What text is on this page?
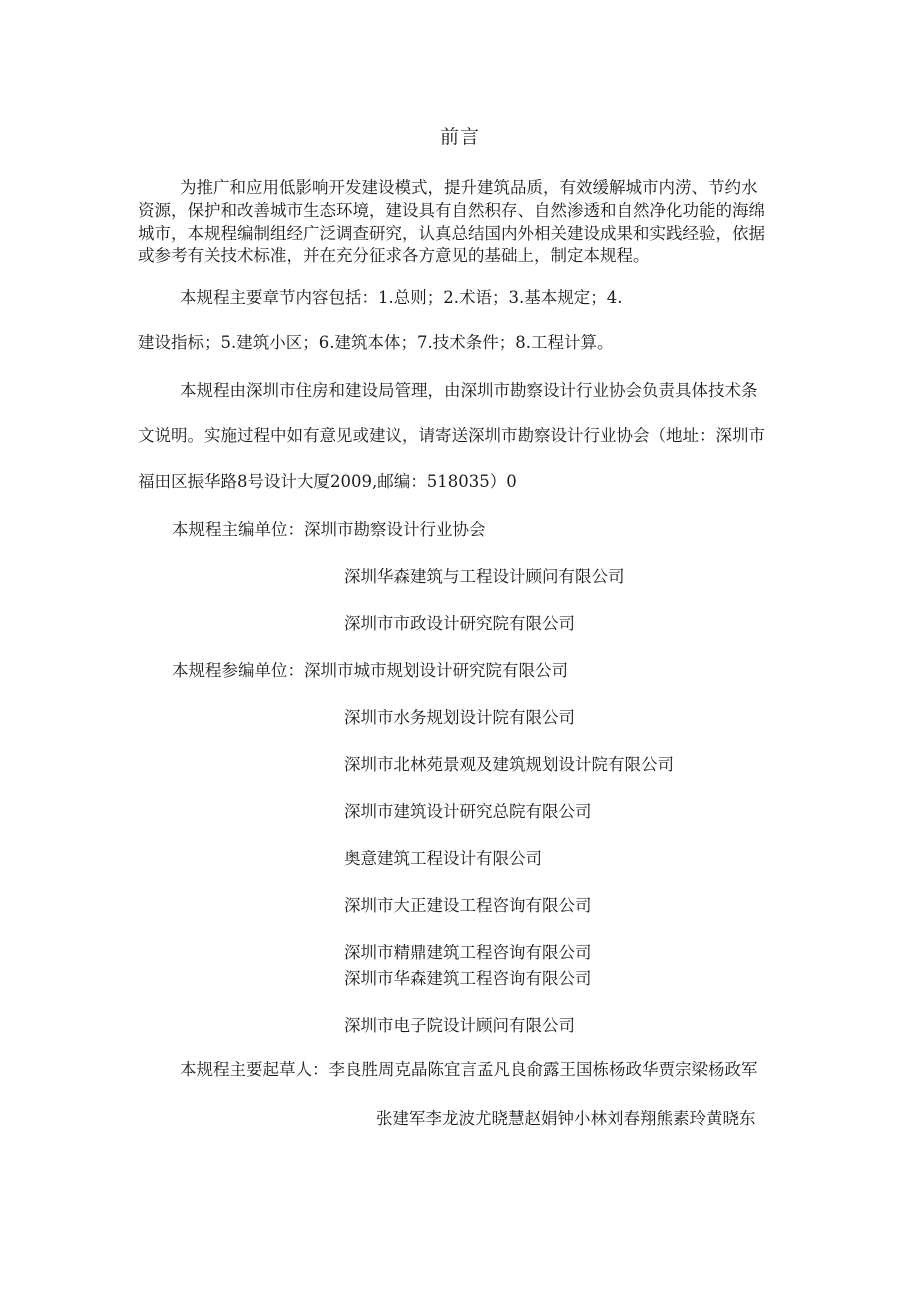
前言
为推广和应用低影响开发建设模式，提升建筑品质，有效缓解城市内涝、节约水
资源，保护和改善城市生态环境，建设具有自然积存、自然渗透和自然净化功能的海绵
城市，本规程编制组经广泛调查研究，认真总结国内外相关建设成果和实践经验，依据
或参考有关技术标准，并在充分征求各方意见的基础上，制定本规程。
本规程主要章节内容包括：1.总则；2.术语；3.基本规定；4.
建设指标；5.建筑小区；6.建筑本体；7.技术条件；8.工程计算。
本规程由深圳市住房和建设局管理，由深圳市勘察设计行业协会负责具体技术条
文说明。实施过程中如有意见或建议，请寄送深圳市勘察设计行业协会（地址：深圳市
福田区振华路8号设计大厦2009,邮编：518035）0
本规程主编单位：深圳市勘察设计行业协会
深圳华森建筑与工程设计顾问有限公司
深圳市市政设计研究院有限公司
本规程参编单位：深圳市城市规划设计研究院有限公司
深圳市水务规划设计院有限公司
深圳市北林苑景观及建筑规划设计院有限公司
深圳市建筑设计研究总院有限公司
奥意建筑工程设计有限公司
深圳市大正建设工程咨询有限公司
深圳市精鼎建筑工程咨询有限公司
深圳市华森建筑工程咨询有限公司
深圳市电子院设计顾问有限公司
本规程主要起草人：李良胜周克晶陈宜言孟凡良俞露王国栋杨政华贾宗梁杨政军
张建军李龙波尤晓慧赵娟钟小林刘春翔熊素玲黄晓东
